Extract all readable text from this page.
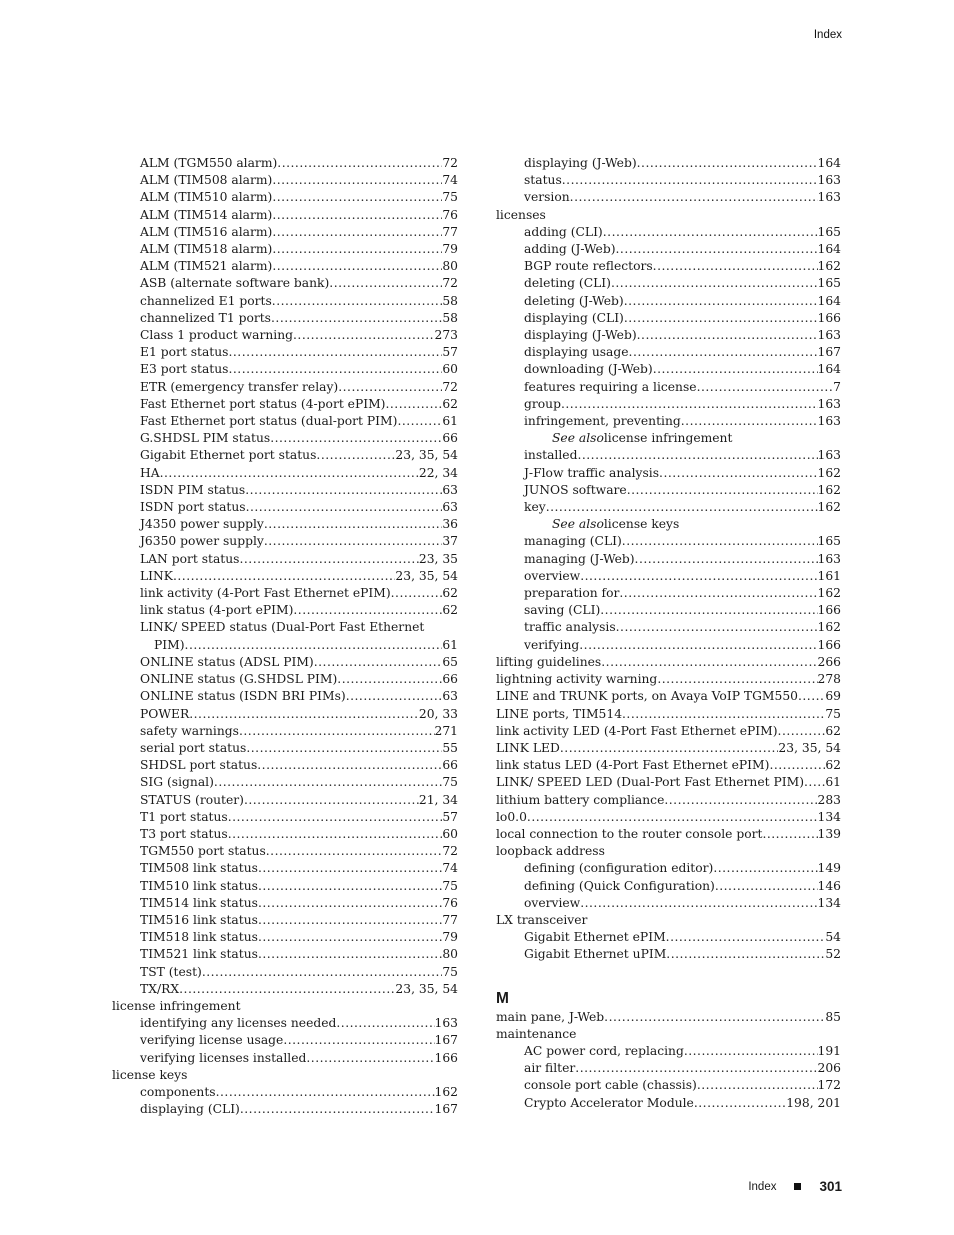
Index
ALM (TGM550 alarm) .....	72
ALM (TIM508 alarm) .....	74
ALM (TIM510 alarm) .....	75
ALM (TIM514 alarm) .....	76
ALM (TIM516 alarm) .....	77
ALM (TIM518 alarm) .....	79
ALM (TIM521 alarm) .....	80
ASB (alternate software bank) .....	72
channelized E1 ports .....	58
channelized T1 ports .....	58
Class 1 product warning .....	273
E1 port status .....	57
E3 port status .....	60
ETR (emergency transfer relay) .....	72
Fast Ethernet port status (4-port ePIM) .....	62
Fast Ethernet port status (dual-port PIM) .....	61
G.SHDSL PIM status .....	66
Gigabit Ethernet port status .....	23, 35, 54
HA .....	22, 34
ISDN PIM status .....	63
ISDN port status .....	63
J4350 power supply .....	36
J6350 power supply .....	37
LAN port status .....	23, 35
LINK .....	23, 35, 54
link activity (4-Port Fast Ethernet ePIM) .....	62
link status (4-port ePIM) .....	62
LINK/ SPEED status (Dual-Port Fast Ethernet
PIM) .....	61
ONLINE status (ADSL PIM) .....	65
ONLINE status (G.SHDSL PIM) .....	66
ONLINE status (ISDN BRI PIMs) .....	63
POWER .....	20, 33
safety warnings .....	271
serial port status .....	55
SHDSL port status .....	66
SIG (signal) .....	75
STATUS (router) .....	21, 34
T1 port status .....	57
T3 port status .....	60
TGM550 port status .....	72
TIM508 link status .....	74
TIM510 link status .....	75
TIM514 link status .....	76
TIM516 link status .....	77
TIM518 link status .....	79
TIM521 link status .....	80
TST (test) .....	75
TX/RX .....	23, 35, 54
license infringement
identifying any licenses needed .....	163
verifying license usage .....	167
verifying licenses installed .....	166
license keys
components .....	162
displaying (CLI) .....	167
displaying (J-Web) .....	164
status .....	163
version .....	163
licenses
adding (CLI) .....	165
adding (J-Web) .....	164
BGP route reflectors .....	162
deleting (CLI) .....	165
deleting (J-Web) .....	164
displaying (CLI) .....	166
displaying (J-Web) .....	163
displaying usage .....	167
downloading (J-Web) .....	164
features requiring a license .....	7
group .....	163
infringement, preventing .....	163
See also license infringement
installed .....	163
J-Flow traffic analysis .....	162
JUNOS software .....	162
key .....	162
See also license keys
managing (CLI) .....	165
managing (J-Web) .....	163
overview .....	161
preparation for .....	162
saving (CLI) .....	166
traffic analysis .....	162
verifying .....	166
lifting guidelines .....	266
lightning activity warning .....	278
LINE and TRUNK ports, on Avaya VoIP TGM550 ..... 69
LINE ports, TIM514 .....	75
link activity LED (4-Port Fast Ethernet ePIM) .....	62
LINK LED .....	23, 35, 54
link status LED (4-Port Fast Ethernet ePIM) .....	62
LINK/ SPEED LED (Dual-Port Fast Ethernet PIM) ..... 61
lithium battery compliance .....	283
lo0.0 .....	134
local connection to the router console port .....	139
loopback address
defining (configuration editor) .....	149
defining (Quick Configuration) .....	146
overview .....	134
LX transceiver
Gigabit Ethernet ePIM .....	54
Gigabit Ethernet uPIM .....	52
M
main pane, J-Web .....	85
maintenance
AC power cord, replacing .....	191
air filter .....	206
console port cable (chassis) .....	172
Crypto Accelerator Module .....	198, 201
Index	301
